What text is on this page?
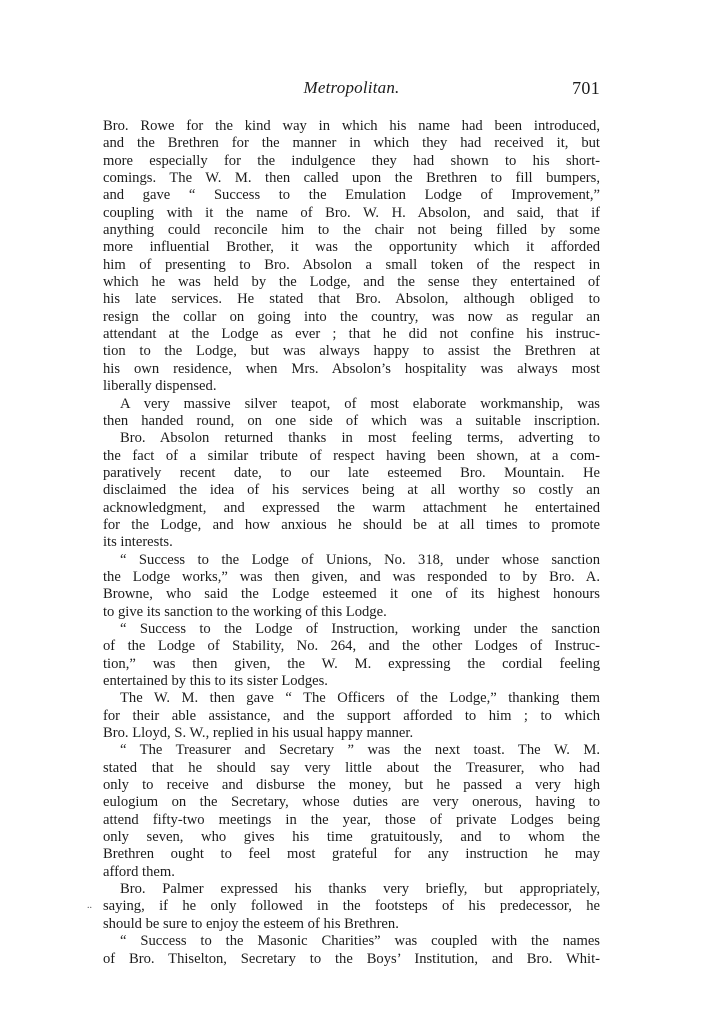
Metropolitan.	701
..
Bro. Rowe for the kind way in which his name had been introduced,
and the Brethren for the manner in which they had received it, but
more especially for the indulgence they had shown to his short-
comings. The W. M. then called upon the Brethren to fill bumpers,
and gave “ Success to the Emulation Lodge of Improvement,”
coupling with it the name of Bro. W. H. Absolon, and said, that if
anything could reconcile him to the chair not being filled by some
more influential Brother, it was the opportunity which it afforded
him of presenting to Bro. Absolon a small token of the respect in
which he was held by the Lodge, and the sense they entertained of
his late services. He stated that Bro. Absolon, although obliged to
resign the collar on going into the country, was now as regular an
attendant at the Lodge as ever ; that he did not confine his instruc-
tion to the Lodge, but was always happy to assist the Brethren at
his own residence, when Mrs. Absolon’s hospitality was always most
liberally dispensed.
A very massive silver teapot, of most elaborate workmanship, was
then handed round, on one side of which was a suitable inscription.
Bro. Absolon returned thanks in most feeling terms, adverting to
the fact of a similar tribute of respect having been shown, at a com-
paratively recent date, to our late esteemed Bro. Mountain. He
disclaimed the idea of his services being at all worthy so costly an
acknowledgment, and expressed the warm attachment he entertained
for the Lodge, and how anxious he should be at all times to promote
its interests.
“ Success to the Lodge of Unions, No. 318, under whose sanction
the Lodge works,” was then given, and was responded to by Bro. A.
Browne, who said the Lodge esteemed it one of its highest honours
to give its sanction to the working of this Lodge.
“ Success to the Lodge of Instruction, working under the sanction
of the Lodge of Stability, No. 264, and the other Lodges of Instruc-
tion,” was then given, the W. M. expressing the cordial feeling
entertained by this to its sister Lodges.
The W. M. then gave “ The Officers of the Lodge,” thanking them
for their able assistance, and the support afforded to him ; to which
Bro. Lloyd, S. W., replied in his usual happy manner.
“ The Treasurer and Secretary ” was the next toast. The W. M.
stated that he should say very little about the Treasurer, who had
only to receive and disburse the money, but he passed a very high
eulogium on the Secretary, whose duties are very onerous, having to
attend fifty-two meetings in the year, those of private Lodges being
only seven, who gives his time gratuitously, and to whom the
Brethren ought to feel most grateful for any instruction he may
afford them.
Bro. Palmer expressed his thanks very briefly, but appropriately,
saying, if he only followed in the footsteps of his predecessor, he
should be sure to enjoy the esteem of his Brethren.
“ Success to the Masonic Charities” was coupled with the names
of Bro. Thiselton, Secretary to the Boys’ Institution, and Bro. Whit-
